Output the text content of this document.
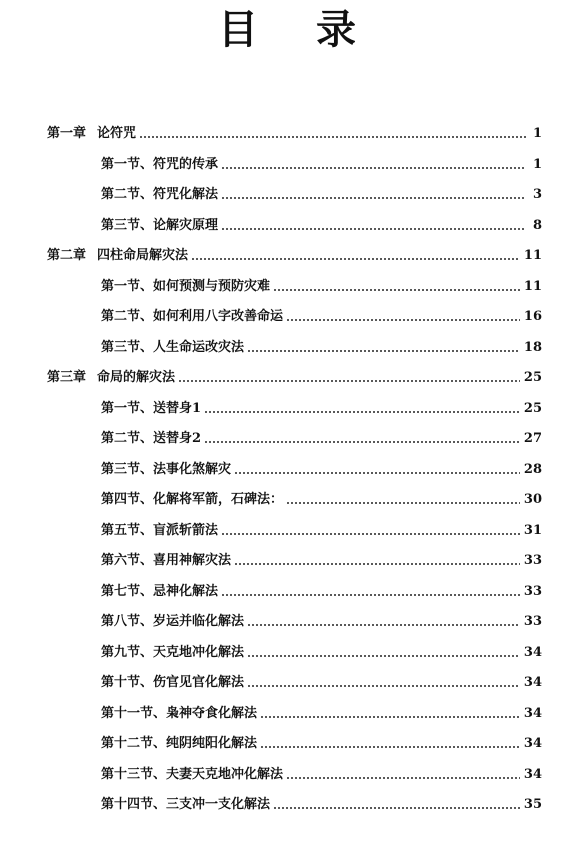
目 录
第一章 论符咒	1
第一节、符咒的传承	1
第二节、符咒化解法	3
第三节、论解灾原理	8
第二章 四柱命局解灾法	11
第一节、如何预测与预防灾难	11
第二节、如何利用八字改善命运	16
第三节、人生命运改灾法	18
第三章 命局的解灾法	25
第一节、送替身1	25
第二节、送替身2	27
第三节、法事化煞解灾	28
第四节、化解将军箭，石碑法：	30
第五节、盲派斩箭法	31
第六节、喜用神解灾法	33
第七节、忌神化解法	33
第八节、岁运并临化解法	33
第九节、天克地冲化解法	34
第十节、伤官见官化解法	34
第十一节、枭神夺食化解法	34
第十二节、纯阴纯阳化解法	34
第十三节、夫妻天克地冲化解法	34
第十四节、三支冲一支化解法	35
